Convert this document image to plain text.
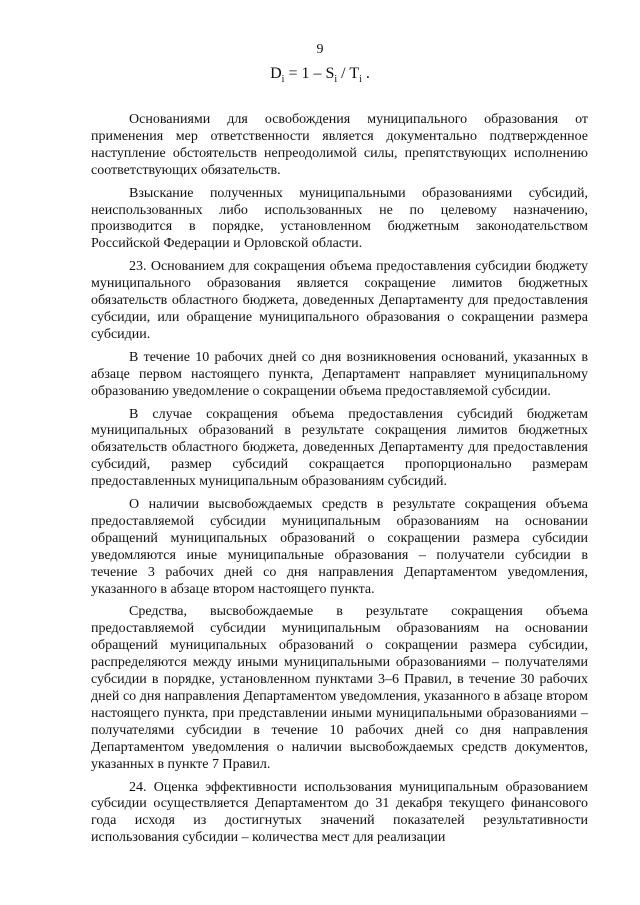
9
$D_i = 1 - S_i / T_i$ .

Основаниями для освобождения муниципального образования от применения мер ответственности является документально подтвержденное наступление обстоятельств непреодолимой силы, препятствующих исполнению соответствующих обязательств.

Взыскание полученных муниципальными образованиями субсидий, неиспользованных либо использованных не по целевому назначению, производится в порядке, установленном бюджетным законодательством Российской Федерации и Орловской области.

23. Основанием для сокращения объема предоставления субсидии бюджету муниципального образования является сокращение лимитов бюджетных обязательств областного бюджета, доведенных Департаменту для предоставления субсидии, или обращение муниципального образования о сокращении размера субсидии.

В течение 10 рабочих дней со дня возникновения оснований, указанных в абзаце первом настоящего пункта, Департамент направляет муниципальному образованию уведомление о сокращении объема предоставляемой субсидии.

В случае сокращения объема предоставления субсидий бюджетам муниципальных образований в результате сокращения лимитов бюджетных обязательств областного бюджета, доведенных Департаменту для предоставления субсидий, размер субсидий сокращается пропорционально размерам предоставленных муниципальным образованиям субсидий.

О наличии высвобождаемых средств в результате сокращения объема предоставляемой субсидии муниципальным образованиям на основании обращений муниципальных образований о сокращении размера субсидии уведомляются иные муниципальные образования – получатели субсидии в течение 3 рабочих дней со дня направления Департаментом уведомления, указанного в абзаце втором настоящего пункта.

Средства, высвобождаемые в результате сокращения объема предоставляемой субсидии муниципальным образованиям на основании обращений муниципальных образований о сокращении размера субсидии, распределяются между иными муниципальными образованиями – получателями субсидии в порядке, установленном пунктами 3–6 Правил, в течение 30 рабочих дней со дня направления Департаментом уведомления, указанного в абзаце втором настоящего пункта, при представлении иными муниципальными образованиями – получателями субсидии в течение 10 рабочих дней со дня направления Департаментом уведомления о наличии высвобождаемых средств документов, указанных в пункте 7 Правил.

24. Оценка эффективности использования муниципальным образованием субсидии осуществляется Департаментом до 31 декабря текущего финансового года исходя из достигнутых значений показателей результативности использования субсидии – количества мест для реализации
